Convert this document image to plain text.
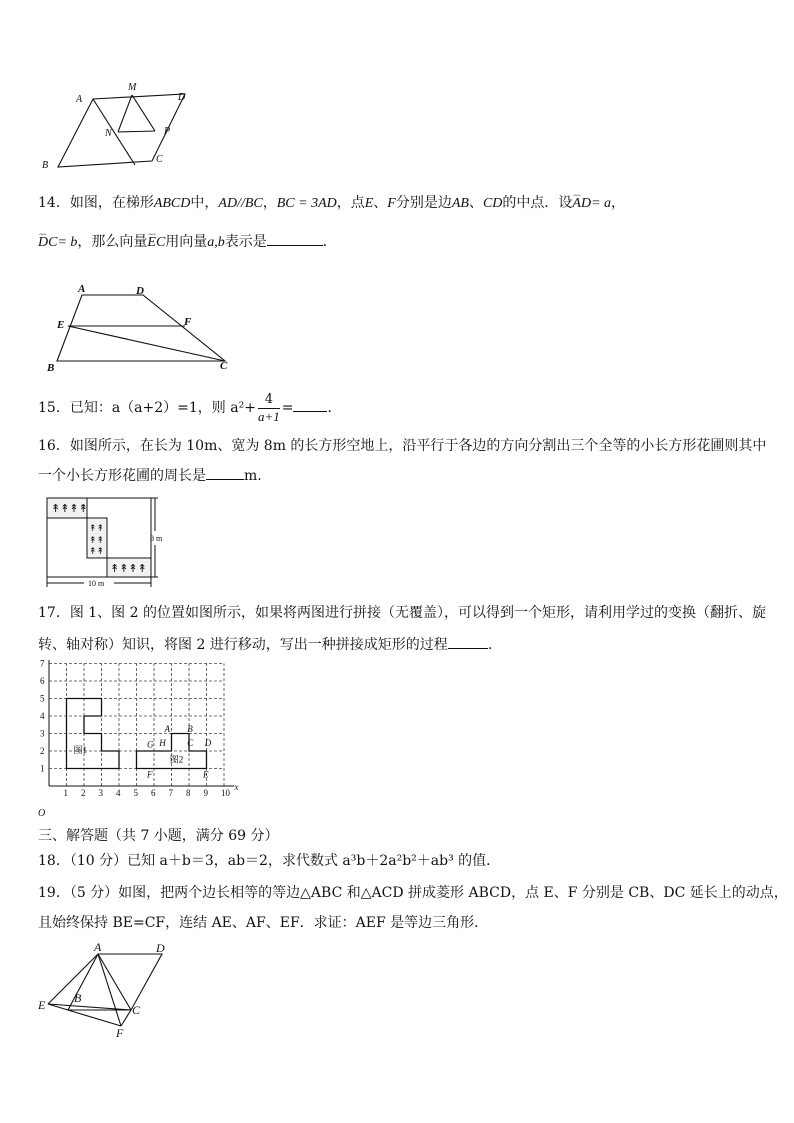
A
M
D
N	P
B
C
14．如图，在梯形ABCD中，AD//BC，BC = 3AD，点E、F分别是边AB、CD的中点．设⌢⌢ AD= a，
⌢⌢ DC= b，那么向量⌢⌢ EC用向量a,b表示是	．
A	D
E	F
B	C
15．已知：a（a+2）=1，则 $a^2+ \frac{4}{a+1}$ = ．
16．如图所示，在长为 10m、宽为 8m 的长方形空地上，沿平行于各边的方向分割出三个全等的小长方形花圃则其中
一个小长方形花圃的周长是	m.
↟↟↟↟
↟↟
↟↟
↟↟
↟↟↟↟
8 m
10 m
17．图 1、图 2 的位置如图所示，如果将两图进行拼接（无覆盖），可以得到一个矩形，请利用学过的变换（翻折、旋
转、轴对称）知识，将图 2 进行移动，写出一种拼接成矩形的过程	.
1 2 3 4 5 6 7 8 9 10
1
2
3
4
5
6
7
x
O
图1
图2
A B
G H C D
F	E
三、解答题（共 7 小题，满分 69 分）
18．（10 分）已知 a＋b＝3，ab＝2，求代数式 a³b＋2a²b²＋ab³ 的值．
19．（5 分）如图，把两个边长相等的等边△ABC 和△ACD 拼成菱形 ABCD，点 E、F 分别是 CB、DC 延长上的动点，
且始终保持 BE=CF，连结 AE、AF、EF．求证：AEF 是等边三角形．
A	D
B
E	C
F
